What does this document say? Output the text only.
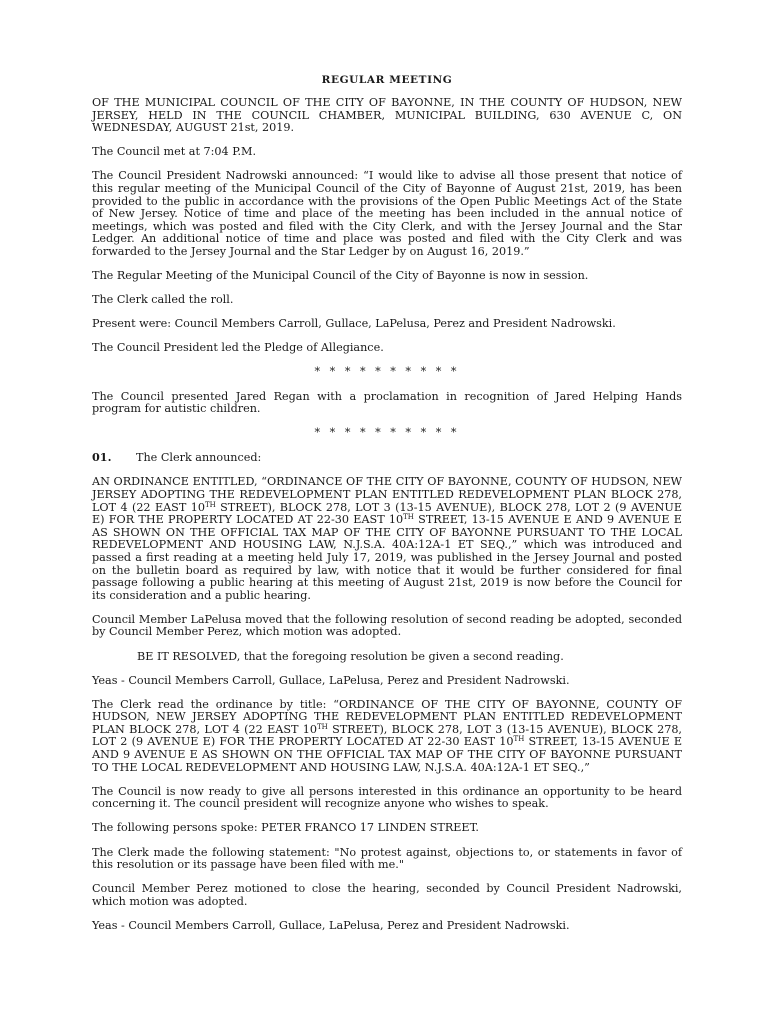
REGULAR MEETING

OF THE MUNICIPAL COUNCIL OF THE CITY OF BAYONNE, IN THE COUNTY OF HUDSON, NEW JERSEY, HELD IN THE COUNCIL CHAMBER, MUNICIPAL BUILDING, 630 AVENUE C, ON WEDNESDAY, AUGUST 21st, 2019.

The Council met at 7:04 P.M.

The Council President Nadrowski announced: “I would like to advise all those present that notice of this regular meeting of the Municipal Council of the City of Bayonne of August 21st, 2019, has been provided to the public in accordance with the provisions of the Open Public Meetings Act of the State of New Jersey. Notice of time and place of the meeting has been included in the annual notice of meetings, which was posted and filed with the City Clerk, and with the Jersey Journal and the Star Ledger. An additional notice of time and place was posted and filed with the City Clerk and was forwarded to the Jersey Journal and the Star Ledger by on August 16, 2019.”

The Regular Meeting of the Municipal Council of the City of Bayonne is now in session.

The Clerk called the roll.

Present were: Council Members Carroll, Gullace, LaPelusa, Perez and President Nadrowski.

The Council President led the Pledge of Allegiance.

* * * * * * * * * *

The Council presented Jared Regan with a proclamation in recognition of Jared Helping Hands program for autistic children.

* * * * * * * * * *

01. The Clerk announced:

AN ORDINANCE ENTITLED, “ORDINANCE OF THE CITY OF BAYONNE, COUNTY OF HUDSON, NEW JERSEY ADOPTING THE REDEVELOPMENT PLAN ENTITLED REDEVELOPMENT PLAN BLOCK 278, LOT 4 (22 EAST 10TH STREET), BLOCK 278, LOT 3 (13-15 AVENUE), BLOCK 278, LOT 2 (9 AVENUE E) FOR THE PROPERTY LOCATED AT 22-30 EAST 10TH STREET, 13-15 AVENUE E AND 9 AVENUE E AS SHOWN ON THE OFFICIAL TAX MAP OF THE CITY OF BAYONNE PURSUANT TO THE LOCAL REDEVELOPMENT AND HOUSING LAW, N.J.S.A. 40A:12A-1 ET SEQ.,” which was introduced and passed a first reading at a meeting held July 17, 2019, was published in the Jersey Journal and posted on the bulletin board as required by law, with notice that it would be further considered for final passage following a public hearing at this meeting of August 21st, 2019 is now before the Council for its consideration and a public hearing.

Council Member LaPelusa moved that the following resolution of second reading be adopted, seconded by Council Member Perez, which motion was adopted.

BE IT RESOLVED, that the foregoing resolution be given a second reading.

Yeas - Council Members Carroll, Gullace, LaPelusa, Perez and President Nadrowski.

The Clerk read the ordinance by title: “ORDINANCE OF THE CITY OF BAYONNE, COUNTY OF HUDSON, NEW JERSEY ADOPTING THE REDEVELOPMENT PLAN ENTITLED REDEVELOPMENT PLAN BLOCK 278, LOT 4 (22 EAST 10TH STREET), BLOCK 278, LOT 3 (13-15 AVENUE), BLOCK 278, LOT 2 (9 AVENUE E) FOR THE PROPERTY LOCATED AT 22-30 EAST 10TH STREET, 13-15 AVENUE E AND 9 AVENUE E AS SHOWN ON THE OFFICIAL TAX MAP OF THE CITY OF BAYONNE PURSUANT TO THE LOCAL REDEVELOPMENT AND HOUSING LAW, N.J.S.A. 40A:12A-1 ET SEQ.,”

The Council is now ready to give all persons interested in this ordinance an opportunity to be heard concerning it. The council president will recognize anyone who wishes to speak.

The following persons spoke: PETER FRANCO 17 LINDEN STREET.

The Clerk made the following statement: "No protest against, objections to, or statements in favor of this resolution or its passage have been filed with me."

Council Member Perez motioned to close the hearing, seconded by Council President Nadrowski, which motion was adopted.

Yeas - Council Members Carroll, Gullace, LaPelusa, Perez and President Nadrowski.
